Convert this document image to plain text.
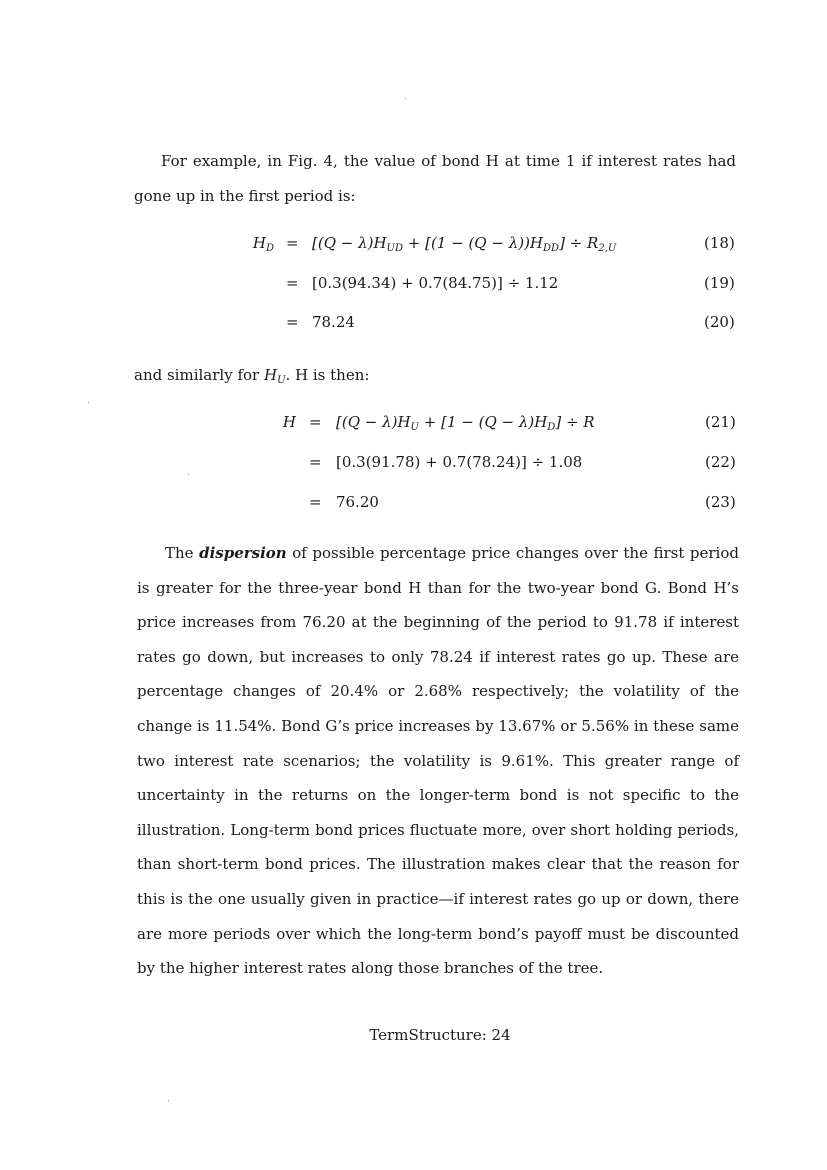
For example, in Fig. 4, the value of bond H at time 1 if interest rates had gone up in the first period is:

$H_D = [(Q - \lambda)H_{UD} + [(1 - (Q - \lambda))H_{DD}] \div R_{2,U}$	(18)
= [0.3(94.34) + 0.7(84.75)] ÷ 1.12	(19)
= 78.24	(20)

and similarly for $H_U$. H is then:

$H = [(Q - \lambda)H_U + [1 - (Q - \lambda)H_D] \div R$	(21)
= [0.3(91.78) + 0.7(78.24)] ÷ 1.08	(22)
= 76.20	(23)

The dispersion of possible percentage price changes over the first period is greater for the three-year bond H than for the two-year bond G. Bond H’s price increases from 76.20 at the beginning of the period to 91.78 if interest rates go down, but increases to only 78.24 if interest rates go up. These are percentage changes of 20.4% or 2.68% respectively; the volatility of the change is 11.54%. Bond G’s price increases by 13.67% or 5.56% in these same two interest rate scenarios; the volatility is 9.61%. This greater range of uncertainty in the returns on the longer-term bond is not specific to the illustration. Long-term bond prices fluctuate more, over short holding periods, than short-term bond prices. The illustration makes clear that the reason for this is the one usually given in practice—if interest rates go up or down, there are more periods over which the long-term bond’s payoff must be discounted by the higher interest rates along those branches of the tree.

TermStructure: 24
